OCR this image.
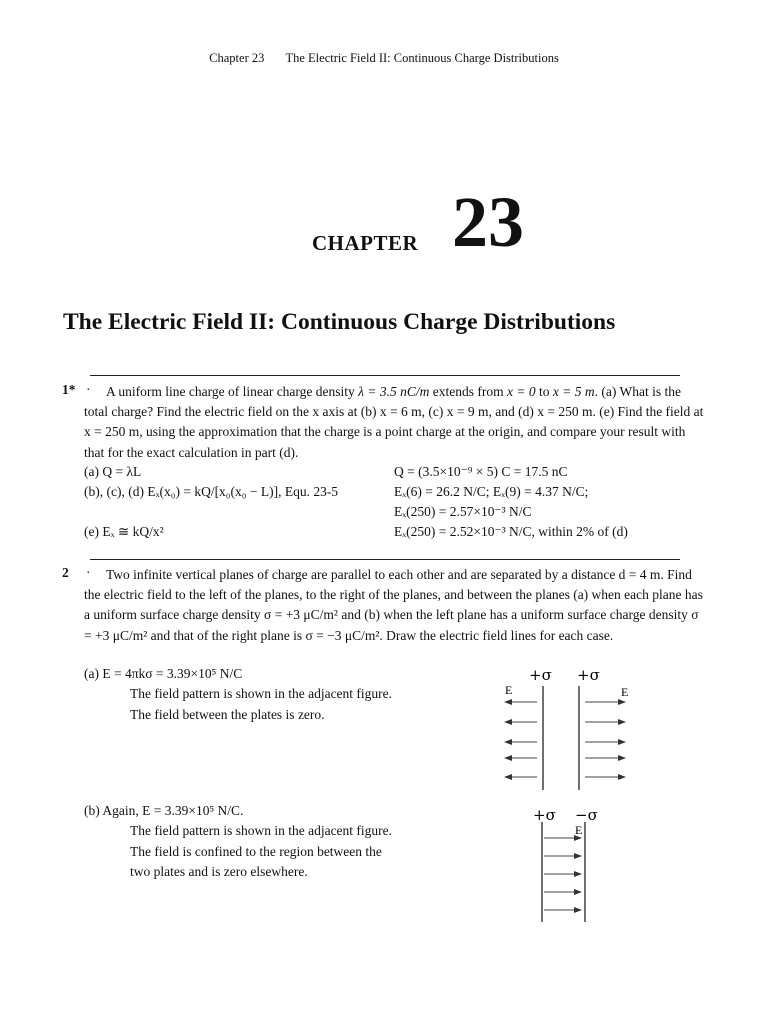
Chapter 23 The Electric Field II: Continuous Charge Distributions
CHAPTER 23
The Electric Field II: Continuous Charge Distributions
1* ·	A uniform line charge of linear charge density λ = 3.5 nC/m extends from x = 0 to x = 5 m. (a) What is the total charge? Find the electric field on the x axis at (b) x = 6 m, (c) x = 9 m, and (d) x = 250 m. (e) Find the field at x = 250 m, using the approximation that the charge is a point charge at the origin, and compare your result with that for the exact calculation in part (d).
(a) Q = λL	Q = (3.5×10⁻⁹ × 5) C = 17.5 nC
(b), (c), (d) Eₓ(x₀) = kQ/[x₀(x₀ − L)], Equ. 23-5	Eₓ(6) = 26.2 N/C; Eₓ(9) = 4.37 N/C;
Eₓ(250) = 2.57×10⁻³ N/C
(e) Eₓ ≅ kQ/x²	Eₓ(250) = 2.52×10⁻³ N/C, within 2% of (d)
2 ·	Two infinite vertical planes of charge are parallel to each other and are separated by a distance d = 4 m. Find the electric field to the left of the planes, to the right of the planes, and between the planes (a) when each plane has a uniform surface charge density σ = +3 μC/m² and (b) when the left plane has a uniform surface charge density σ = +3 μC/m² and that of the right plane is σ = −3 μC/m². Draw the electric field lines for each case.
(a) E = 4πkσ = 3.39×10⁵ N/C
The field pattern is shown in the adjacent figure.
The field between the plates is zero.
(b) Again, E = 3.39×10⁵ N/C.
The field pattern is shown in the adjacent figure.
The field is confined to the region between the
two plates and is zero elsewhere.
+σ +σ
E	E
+σ −σ
E
